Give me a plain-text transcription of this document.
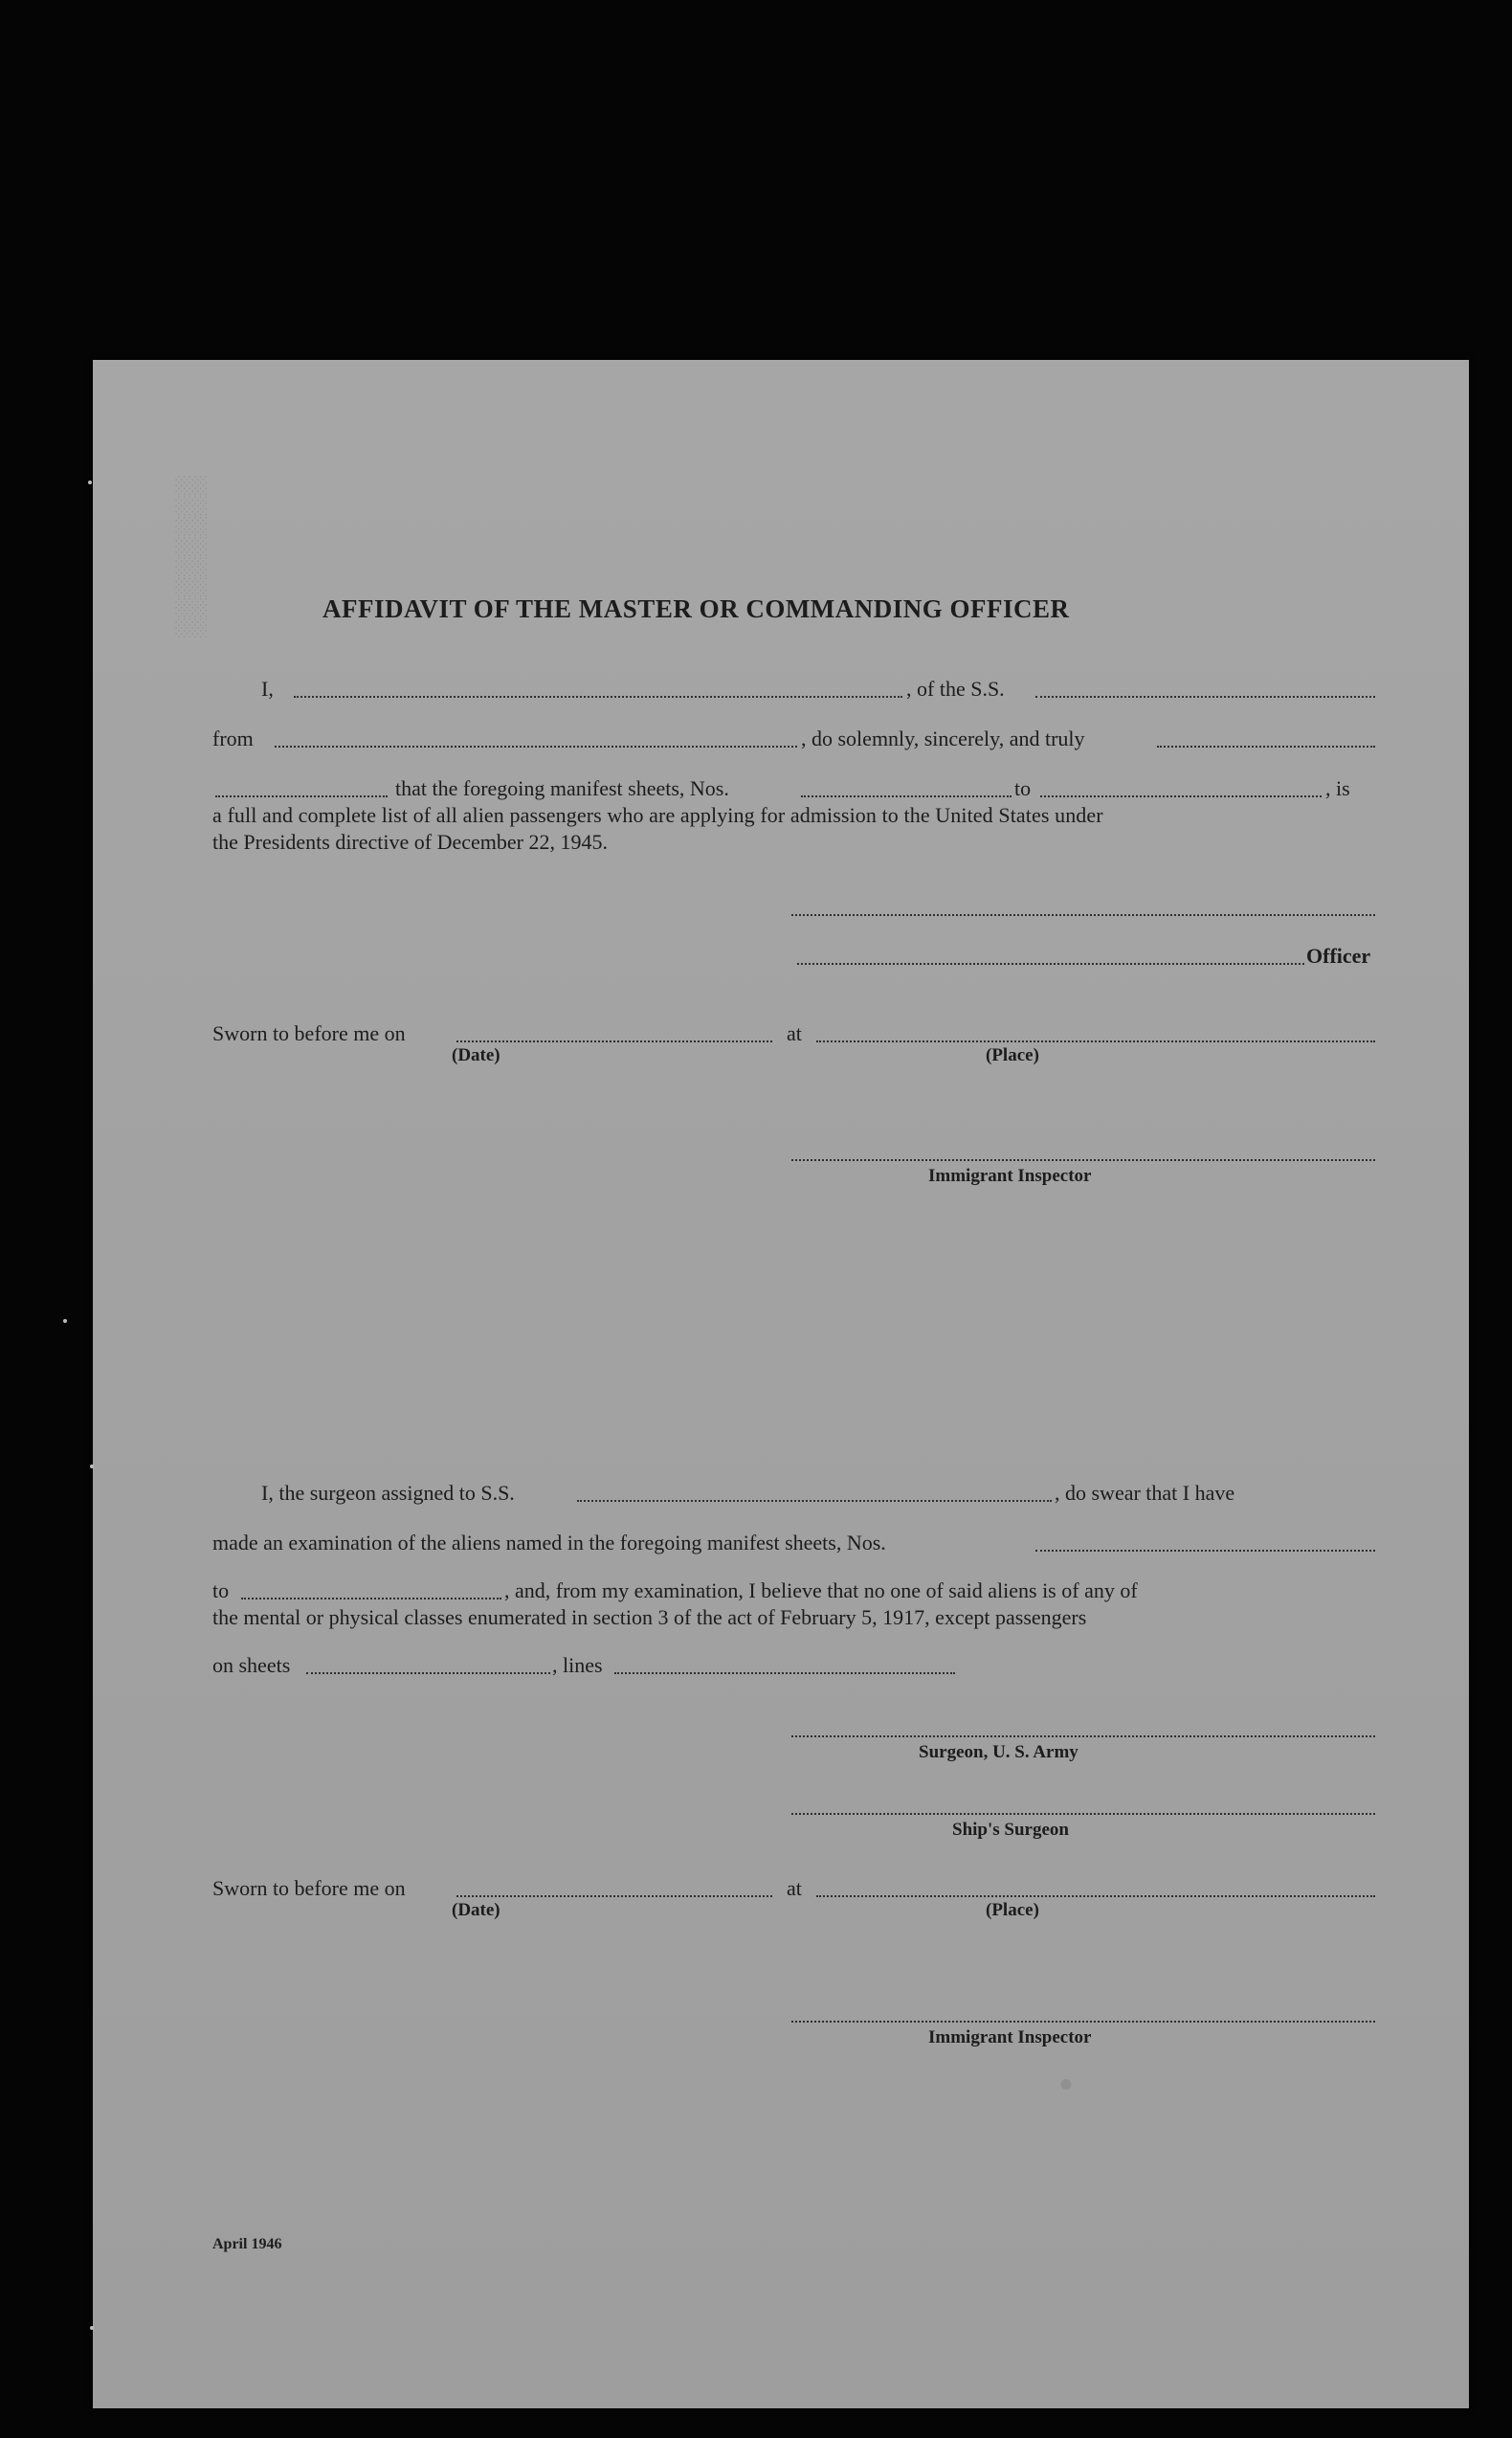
░░░░░░░░
•
AFFIDAVIT OF THE MASTER OR COMMANDING OFFICER
I,	, of the S.S.
from	, do solemnly, sincerely, and truly
that the foregoing manifest sheets, Nos.	to	, is
a full and complete list of all alien passengers who are applying for admission to the United States under
the Presidents directive of December 22, 1945.
Officer
Sworn to before me on	at
(Date)	(Place)
Immigrant Inspector
I, the surgeon assigned to S.S.	, do swear that I have
made an examination of the aliens named in the foregoing manifest sheets, Nos.
to	, and, from my examination, I believe that no one of said aliens is of any of
the mental or physical classes enumerated in section 3 of the act of February 5, 1917, except passengers
on sheets	, lines
Surgeon, U. S. Army
Ship's Surgeon
Sworn to before me on	at
(Date)	(Place)
Immigrant Inspector
April 1946
